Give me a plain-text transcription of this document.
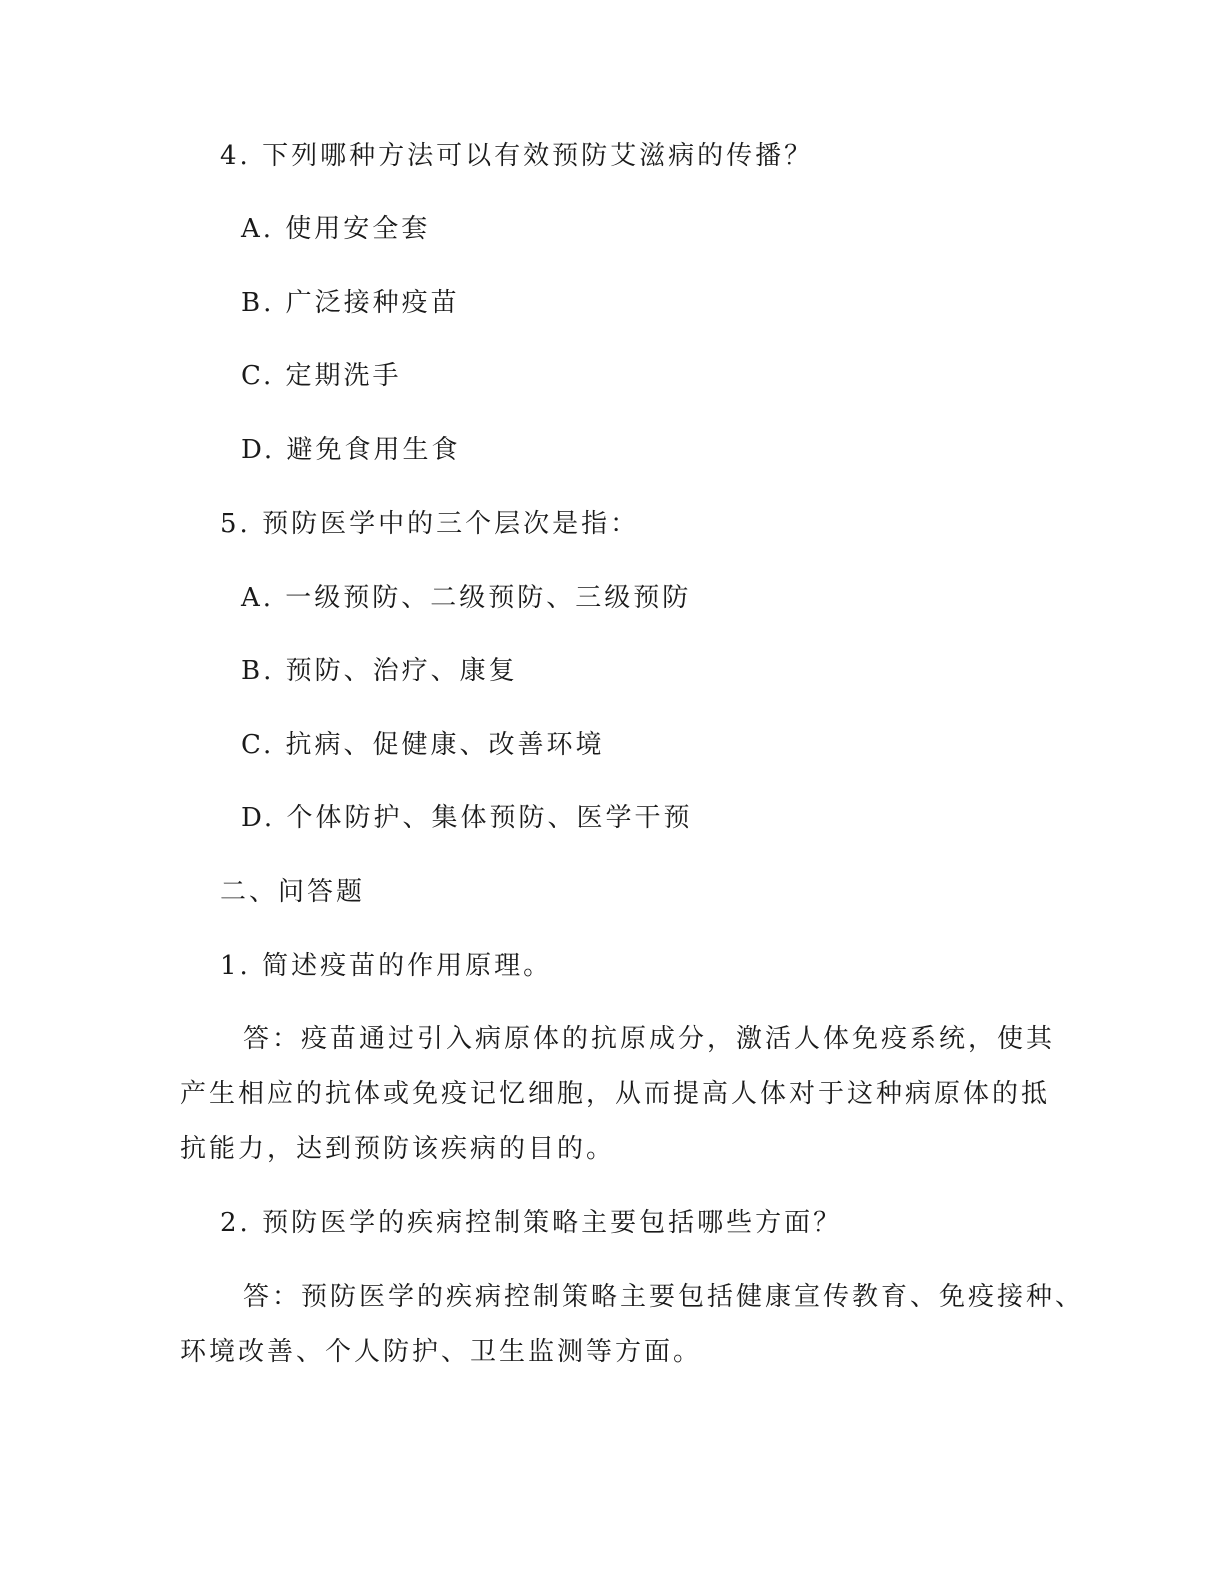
4. 下列哪种方法可以有效预防艾滋病的传播？
A. 使用安全套
B. 广泛接种疫苗
C. 定期洗手
D. 避免食用生食
5. 预防医学中的三个层次是指：
A. 一级预防、二级预防、三级预防
B. 预防、治疗、康复
C. 抗病、促健康、改善环境
D. 个体防护、集体预防、医学干预
二、问答题
1. 简述疫苗的作用原理。
答：疫苗通过引入病原体的抗原成分，激活人体免疫系统，使其
产生相应的抗体或免疫记忆细胞，从而提高人体对于这种病原体的抵
抗能力，达到预防该疾病的目的。
2. 预防医学的疾病控制策略主要包括哪些方面？
答：预防医学的疾病控制策略主要包括健康宣传教育、免疫接种、
环境改善、个人防护、卫生监测等方面。
